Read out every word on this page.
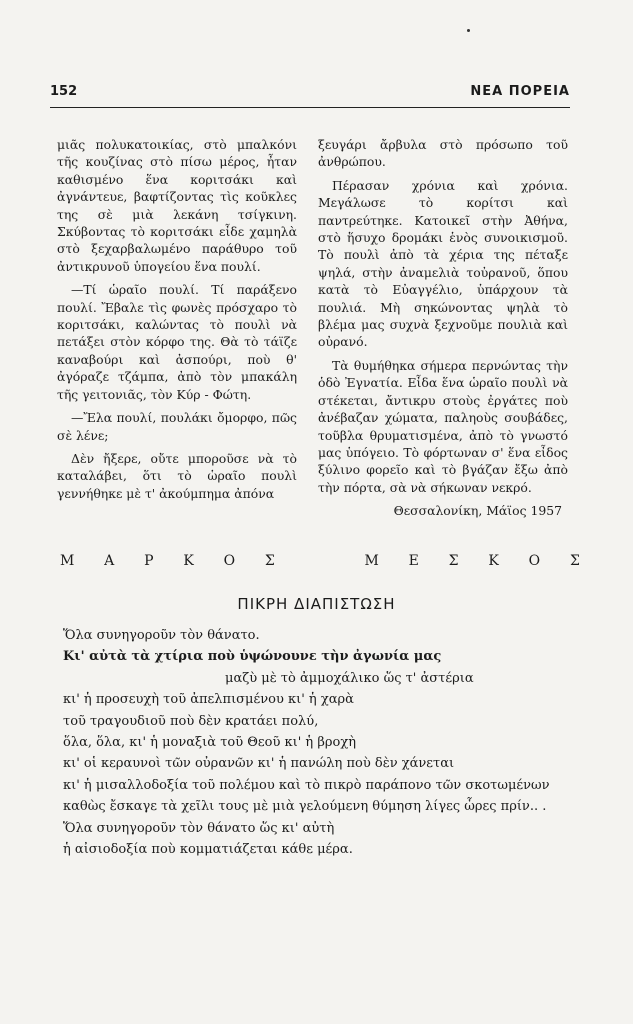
152	ΝΕΑ ΠΟΡΕΙΑ

μιᾶς πολυκατοικίας, στὸ μπαλκόνι τῆς κουζίνας στὸ πίσω μέρος, ἦταν καθισμένο ἕνα κοριτσάκι καὶ ἀγνάντευε, βαφτίζοντας τὶς κοῦκλες της σὲ μιὰ λεκάνη τσίγκινη. Σκύβοντας τὸ κοριτσάκι εἶδε χαμηλὰ στὸ ξεχαρβαλωμένο παράθυρο τοῦ ἀντικρυνοῦ ὑπογείου ἕνα πουλί.

—Τί ὡραῖο πουλί. Τί παράξενο πουλί. Ἔβαλε τὶς φωνὲς πρόσχαρο τὸ κοριτσάκι, καλώντας τὸ πουλὶ νὰ πετάξει στὸν κόρφο της. Θὰ τὸ τάϊζε καναβούρι καὶ ἀσπούρι, ποὺ θ' ἀγόραζε τζάμπα, ἀπὸ τὸν μπακάλη τῆς γειτονιᾶς, τὸν Κύρ - Φώτη.

—Ἔλα πουλί, πουλάκι ὄμορφο, πῶς σὲ λένε;

Δὲν ἤξερε, οὔτε μποροῦσε νὰ τὸ καταλάβει, ὅτι τὸ ὡραῖο πουλὶ γεννήθηκε μὲ τ' ἀκούμπημα ἀπόνα

ξευγάρι ἄρβυλα στὸ πρόσωπο τοῦ ἀνθρώπου.

Πέρασαν χρόνια καὶ χρόνια. Μεγάλωσε τὸ κορίτσι καὶ παντρεύτηκε. Κατοικεῖ στὴν Ἀθήνα, στὸ ἥσυχο δρομάκι ἑνὸς συνοικισμοῦ. Τὸ πουλὶ ἀπὸ τὰ χέρια της πέταξε ψηλά, στὴν ἀναμελιὰ τοὐρανοῦ, ὅπου κατὰ τὸ Εὐαγγέλιο, ὑπάρχουν τὰ πουλιά. Μὴ σηκώνοντας ψηλὰ τὸ βλέμα μας συχνὰ ξεχνοῦμε πουλιὰ καὶ οὐρανό.

Τὰ θυμήθηκα σήμερα περνώντας τὴν ὁδὸ Ἐγνατία. Εἶδα ἕνα ὡραῖο πουλὶ νὰ στέκεται, ἄντικρυ στοὺς ἐργάτες ποὺ ἀνέβαζαν χώματα, παληοὺς σουβάδες, τοῦβλα θρυματισμένα, ἀπὸ τὸ γνωστό μας ὑπόγειο. Τὸ φόρτωναν σ' ἕνα εἶδος ξύλινο φορεῖο καὶ τὸ βγάζαν ἔξω ἀπὸ τὴν πόρτα, σὰ νὰ σήκωναν νεκρό.

Θεσσαλονίκη, Μάϊος 1957

Μ Α Ρ Κ Ο Σ	Μ Ε Σ Κ Ο Σ
ΠΙΚΡΗ ΔΙΑΠΙΣΤΩΣΗ
Ὅλα συνηγοροῦν τὸν θάνατο.
Κι' αὐτὰ τὰ χτίρια ποὺ ὑψώνουνε τὴν ἀγωνία μας
μαζὺ μὲ τὸ ἀμμοχάλικο ὥς τ' ἀστέρια
κι' ἡ προσευχὴ τοῦ ἀπελπισμένου κι' ἡ χαρὰ
τοῦ τραγουδιοῦ ποὺ δὲν κρατάει πολύ,
ὅλα, ὅλα, κι' ἡ μοναξιὰ τοῦ Θεοῦ κι' ἡ βροχὴ
κι' οἱ κεραυνοὶ τῶν οὐρανῶν κι' ἡ πανώλη ποὺ δὲν χάνεται
κι' ἡ μισαλλοδοξία τοῦ πολέμου καὶ τὸ πικρὸ παράπονο τῶν σκοτωμένων
καθὼς ἔσκαγε τὰ χεῖλι τους μὲ μιὰ γελούμενη θύμηση λίγες ὧρες πρίν.. .
Ὅλα συνηγοροῦν τὸν θάνατο ὥς κι' αὐτὴ
ἡ αἰσιοδοξία ποὺ κομματιάζεται κάθε μέρα.
